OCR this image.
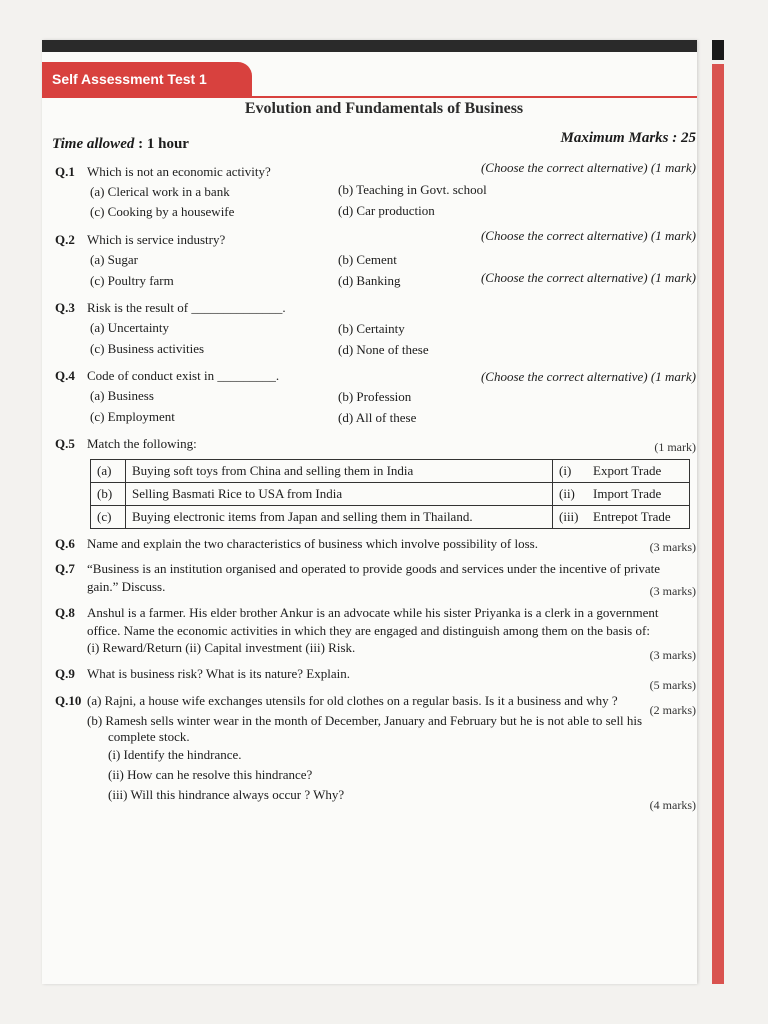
Self Assessment Test 1
Evolution and Fundamentals of Business
Time allowed : 1 hour	Maximum Marks : 25
Q.1 Which is not an economic activity?	(Choose the correct alternative) (1 mark)
(a) Clerical work in a bank	(b) Teaching in Govt. school
(c) Cooking by a housewife	(d) Car production
Q.2 Which is service industry?	(Choose the correct alternative) (1 mark)
(a) Sugar	(b) Cement
(c) Poultry farm	(d) Banking	(Choose the correct alternative) (1 mark)
Q.3 Risk is the result of ______________.
(a) Uncertainty	(b) Certainty
(c) Business activities	(d) None of these
Q.4 Code of conduct exist in _________.	(Choose the correct alternative) (1 mark)
(a) Business	(b) Profession
(c) Employment	(d) All of these
Q.5 Match the following:	(1 mark)
(a)	Buying soft toys from China and selling them in India	(i)	Export Trade
(b)	Selling Basmati Rice to USA from India	(ii)	Import Trade
(c)	Buying electronic items from Japan and selling them in Thailand.	(iii)	Entrepot Trade
Q.6 Name and explain the two characteristics of business which involve possibility of loss.	(3 marks)
Q.7 “Business is an institution organised and operated to provide goods and services under the incentive of private
gain.” Discuss.	(3 marks)
Q.8 Anshul is a farmer. His elder brother Ankur is an advocate while his sister Priyanka is a clerk in a government
office. Name the economic activities in which they are engaged and distinguish among them on the basis of:
(i) Reward/Return (ii) Capital investment (iii) Risk.	(3 marks)
Q.9 What is business risk? What is its nature? Explain.
(5 marks)
Q.10 (a) Rajni, a house wife exchanges utensils for old clothes on a regular basis. Is it a business and why ?
(2 marks)
(b) Ramesh sells winter wear in the month of December, January and February but he is not able to sell his
complete stock.
(i) Identify the hindrance.
(ii) How can he resolve this hindrance?
(iii) Will this hindrance always occur ? Why?
(4 marks)
